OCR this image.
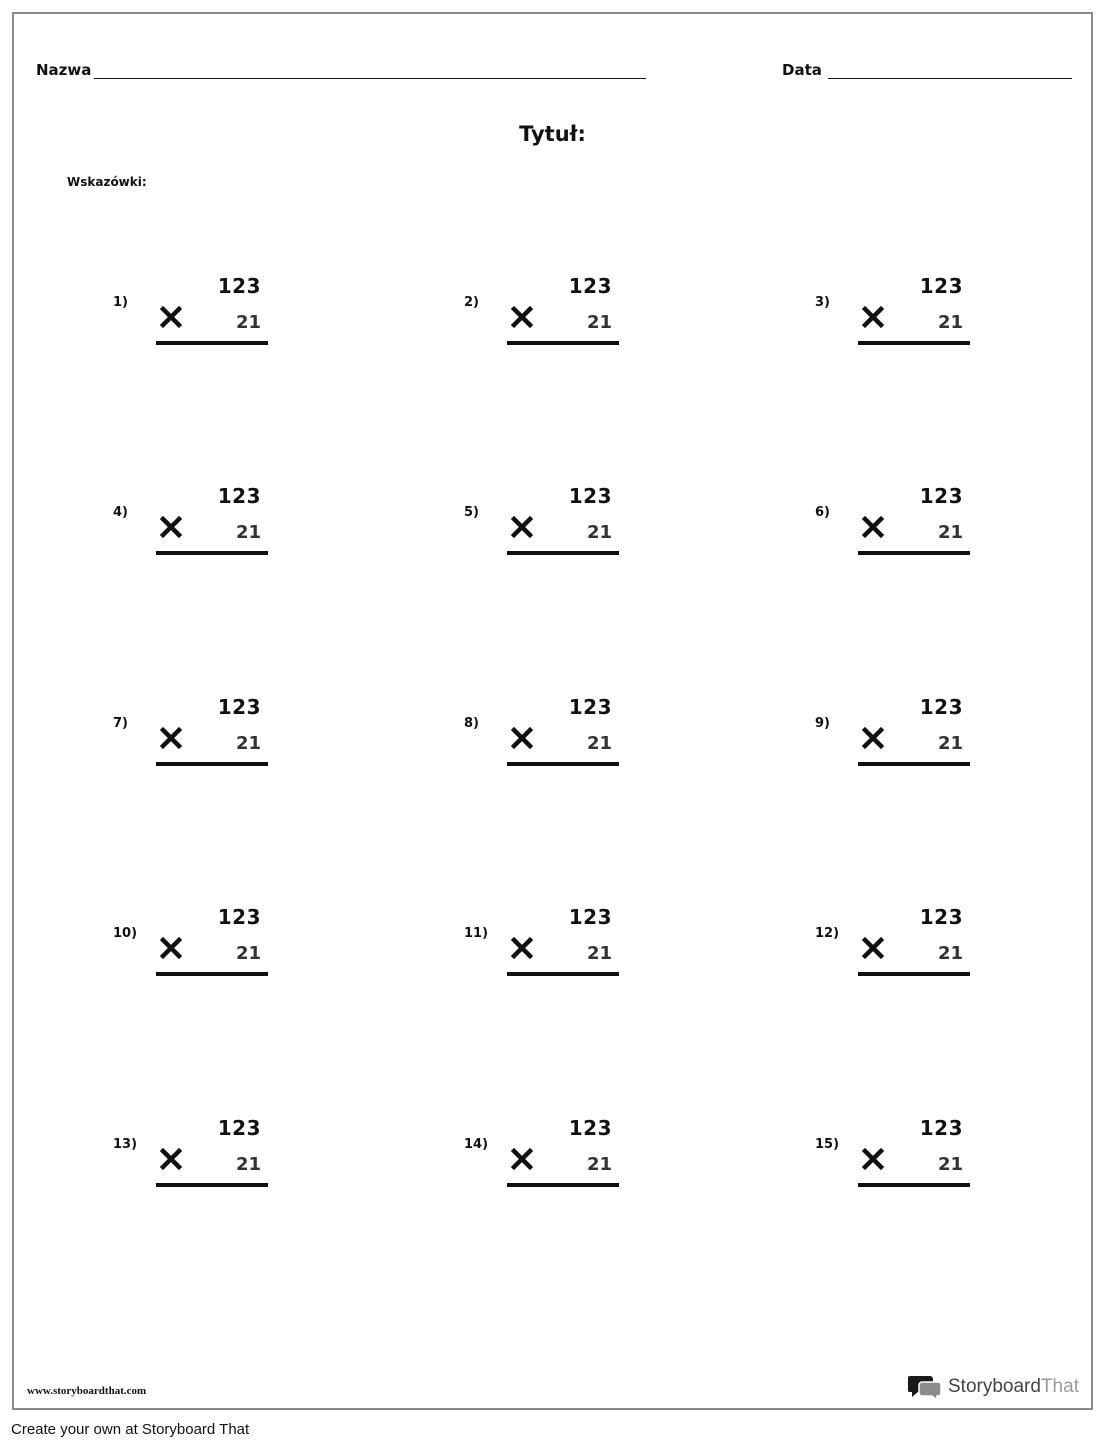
Nazwa	Data
Tytuł:
Wskazówki:
1)
123
21
2)
123
21
3)
123
21
4)
123
21
5)
123
21
6)
123
21
7)
123
21
8)
123
21
9)
123
21
10)
123
21
11)
123
21
12)
123
21
13)
123
21
14)
123
21
15)
123
21
www.storyboardthat.com	StoryboardThat
Create your own at Storyboard That
